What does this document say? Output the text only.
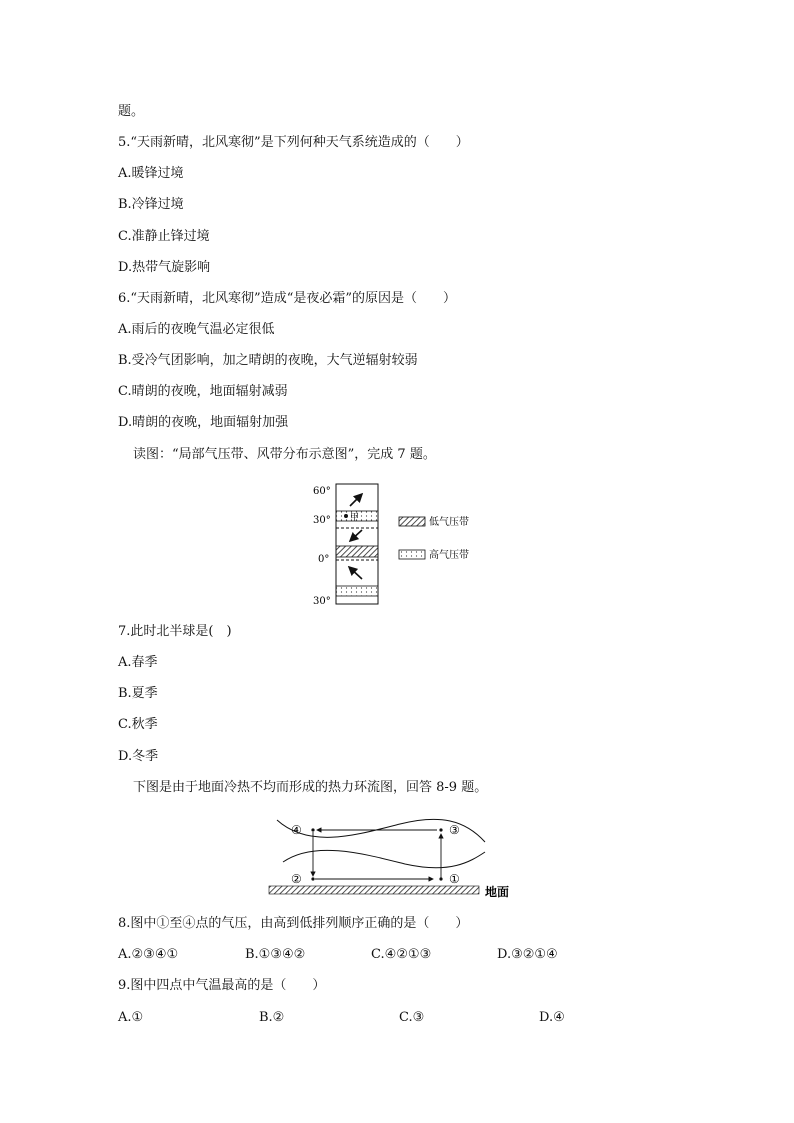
题。
5.“天雨新晴，北风寒彻”是下列何种天气系统造成的（　　）
A.暖锋过境
B.冷锋过境
C.准静止锋过境
D.热带气旋影响
6.“天雨新晴，北风寒彻”造成“是夜必霜”的原因是（　　）
A.雨后的夜晚气温必定很低
B.受冷气团影响，加之晴朗的夜晚，大气逆辐射较弱
C.晴朗的夜晚，地面辐射减弱
D.晴朗的夜晚，地面辐射加强
读图：“局部气压带、风带分布示意图”，完成 7 题。
60°
30°
0°
30°
甲	低气压带
高气压带
7.此时北半球是(　)
A.春季
B.夏季
C.秋季
D.冬季
下图是由于地面冷热不均而形成的热力环流图，回答 8-9 题。
④	③
②	①
地面
8.图中①至④点的气压，由高到低排列顺序正确的是（　　）
A.②③④①	B.①③④②	C.④②①③	D.③②①④
9.图中四点中气温最高的是（　　）
A.①	B.②	C.③	D.④
